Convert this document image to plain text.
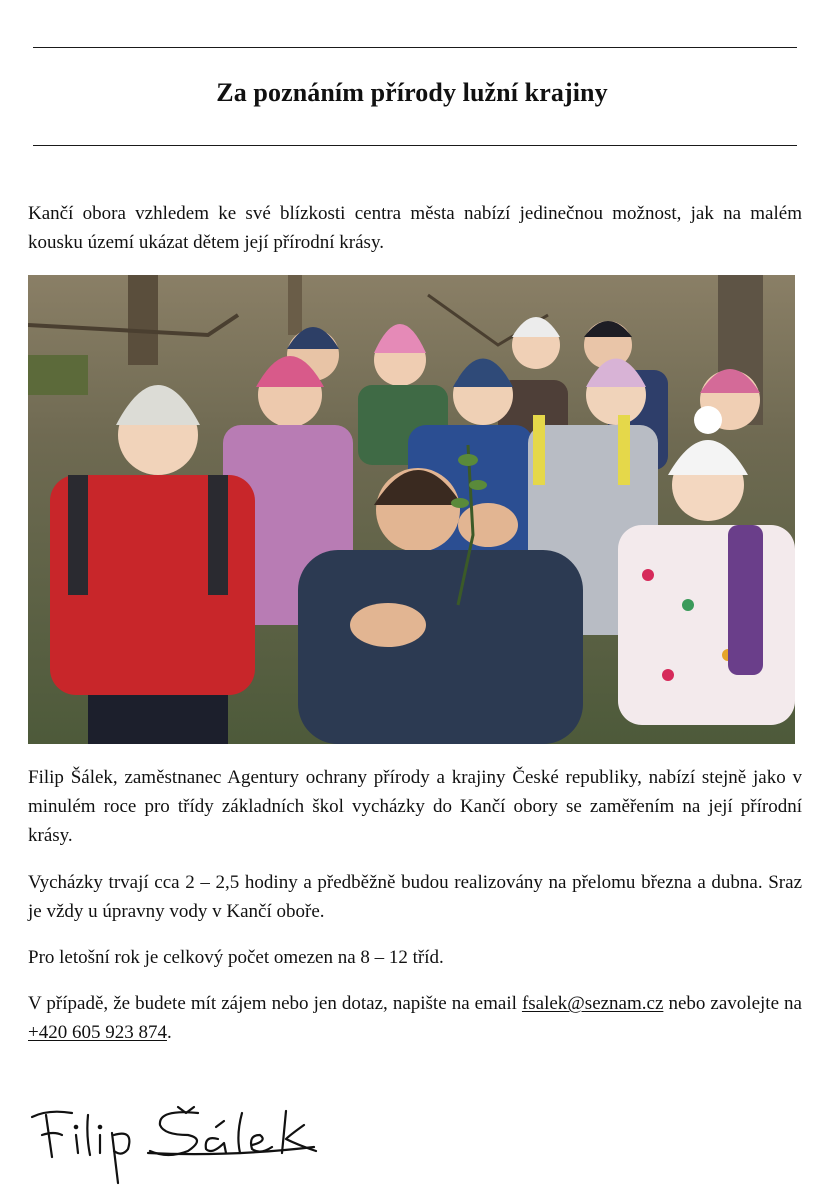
Za poznáním přírody lužní krajiny

Kančí obora vzhledem ke své blízkosti centra města nabízí jedinečnou možnost, jak na malém kousku území ukázat dětem její přírodní krásy.

Filip Šálek, zaměstnanec Agentury ochrany přírody a krajiny České republiky, nabízí stejně jako v minulém roce pro třídy základních škol vycházky do Kančí obory se zaměřením na její přírodní krásy.

Vycházky trvají cca 2 – 2,5 hodiny a předběžně budou realizovány na přelomu března a dubna. Sraz je vždy u úpravny vody v Kančí oboře.

Pro letošní rok je celkový počet omezen na 8 – 12 tříd.

V případě, že budete mít zájem nebo jen dotaz, napište na email fsalek@seznam.cz nebo zavolejte na +420 605 923 874.
